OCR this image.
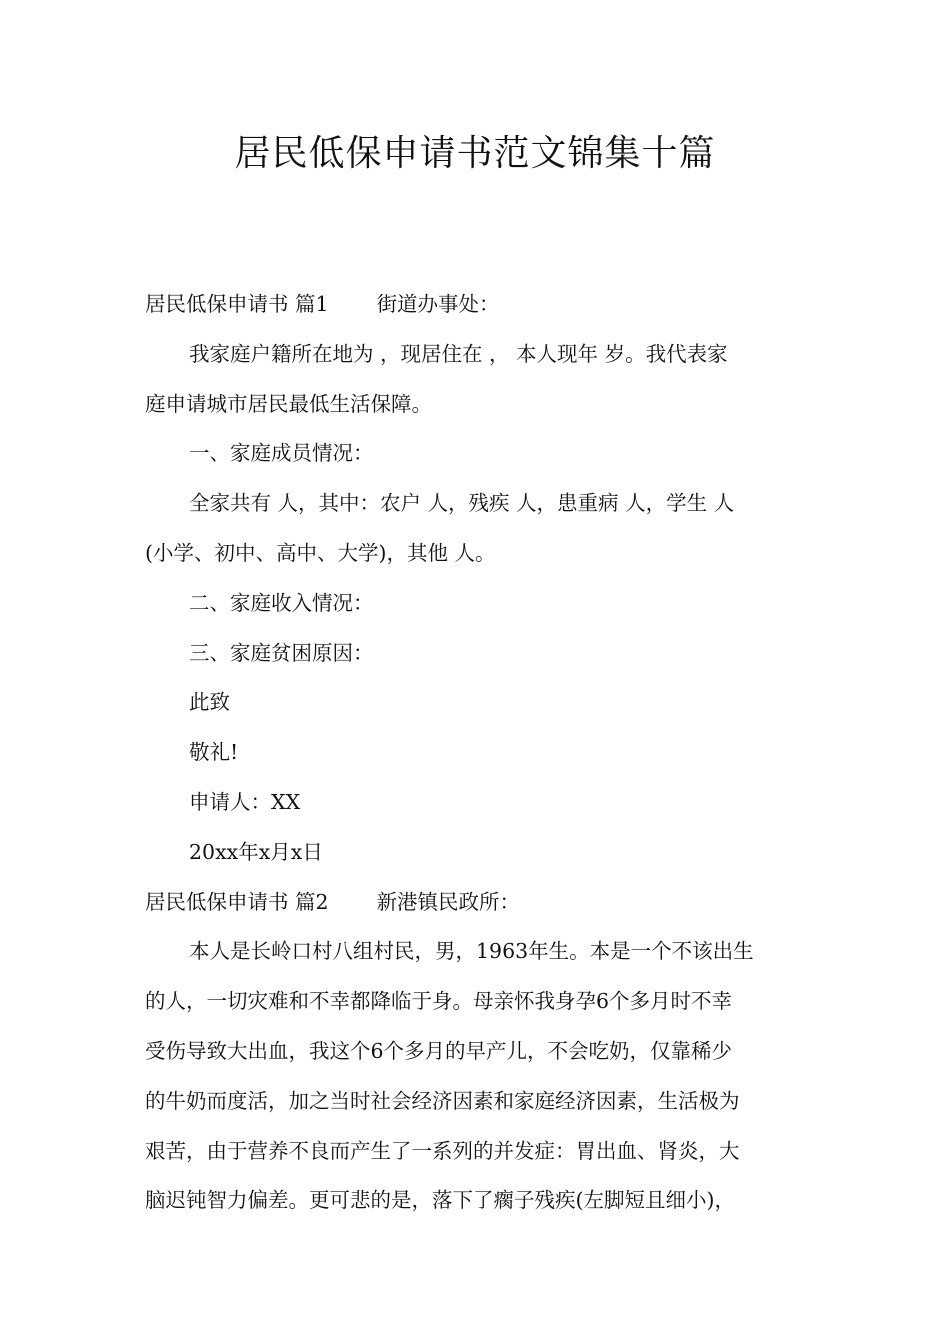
居民低保申请书范文锦集十篇
居民低保申请书 篇1 街道办事处：
我家庭户籍所在地为 ，现居住在 ， 本人现年 岁。我代表家
庭申请城市居民最低生活保障。
一、家庭成员情况：
全家共有 人，其中：农户 人，残疾 人，患重病 人，学生 人
(小学、初中、高中、大学)，其他 人。
二、家庭收入情况：
三、家庭贫困原因：
此致
敬礼!
申请人：XX
20xx年x月x日
居民低保申请书 篇2 新港镇民政所：
本人是长岭口村八组村民，男，1963年生。本是一个不该出生
的人，一切灾难和不幸都降临于身。母亲怀我身孕6个多月时不幸
受伤导致大出血，我这个6个多月的早产儿，不会吃奶，仅靠稀少
的牛奶而度活，加之当时社会经济因素和家庭经济因素，生活极为
艰苦，由于营养不良而产生了一系列的并发症：胃出血、肾炎，大
脑迟钝智力偏差。更可悲的是，落下了瘸子残疾(左脚短且细小)，
